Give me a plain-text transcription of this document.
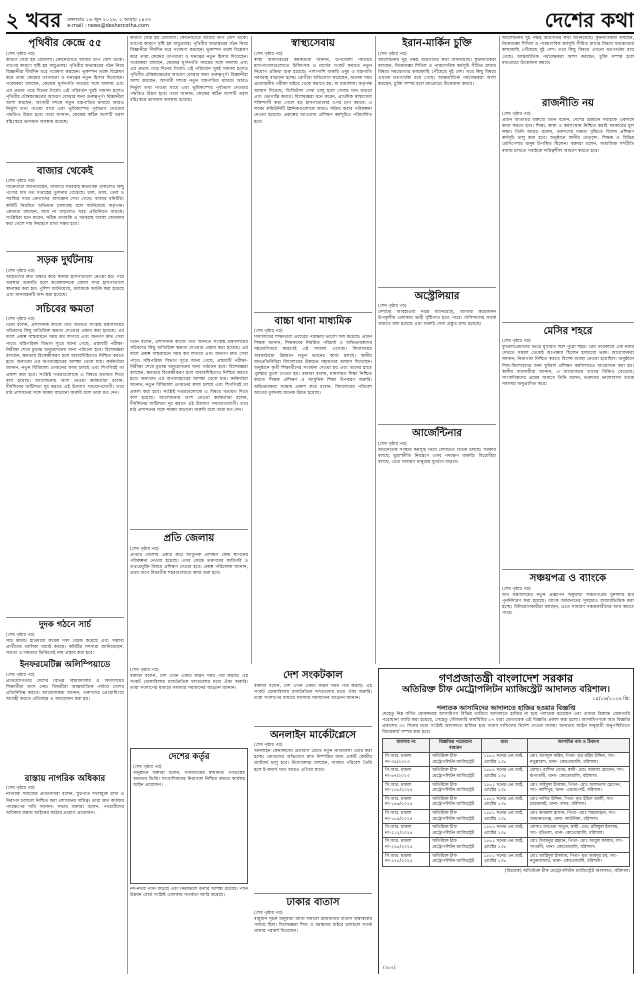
২ খবর মঙ্গলবার ১৬ জুন ২০২৬, ২ আষাঢ় ১৪৩৩
e-mail : news@deshercotha.com	দেশের কথা
পৃথিবীর কেন্দ্রে ৫৫
(শেষ পৃষ্ঠার পর)

কারণে সেটা হয় রোদেলা। কোনোটাতে আবার তাপ বেশি থাকে। তাপের কারণে সৃষ্টি হয় বায়ুপ্রবাহ। পৃথিবীর অভ্যন্তরের গঠন নিয়ে বিজ্ঞানীরা দীর্ঘদিন ধরে গবেষণা করছেন। ভূকম্পন তরঙ্গ বিশ্লেষণ করে তারা কেন্দ্রের তাপমাত্রা ও ঘনত্বের নতুন হিসাব দিয়েছেন। গবেষকরা বলছেন, কেন্দ্রের ঘূর্ণনগতি সময়ের সঙ্গে বদলায় এবং এর প্রভাব পড়ে দিনের দৈর্ঘ্যে। এই পরিবর্তন খুবই সামান্য হলেও পৃথিবীর চৌম্বকক্ষেত্রের আচরণ বোঝার জন্য গুরুত্বপূর্ণ। বিজ্ঞানীরা আশা করছেন, আগামী দশকে নতুন যন্ত্রপাতির মাধ্যমে আরও নির্ভুল তথ্য পাওয়া যাবে এবং ভূমিকম্পের পূর্বাভাস দেওয়ার পদ্ধতিও উন্নত হবে। তারা জানান, কেন্দ্রের কঠিন অংশটি তরল বহিঃস্তরে ভাসমান অবস্থায় রয়েছে।

বাজার থেকেই
(শেষ পৃষ্ঠার পর)

বিক্রেতারা জানিয়েছেন, বাজারে সরবরাহ স্বাভাবিক থাকলেও কিছু পণ্যের দাম গত সপ্তাহের তুলনায় বেড়েছে। চাল, ডাল, তেল ও সবজির দামে ক্রেতাদের অসন্তোষ দেখা গেছে। বাজার মনিটরিং কমিটি নিয়মিত অভিযান চালাচ্ছে বলে জানিয়েছে কর্তৃপক্ষ। ক্রেতারা বলছেন, আয় না বাড়লেও খরচ প্রতিনিয়ত বাড়ছে। সংশ্লিষ্টরা মনে করেন, সঠিক তদারকি ও সরবরাহ ব্যবস্থা জোরদার করা গেলে দাম নিয়ন্ত্রণে রাখা সম্ভব হবে।

সড়ক দুর্ঘটনায়
(শেষ পৃষ্ঠার পর)

আহতদের দ্রুত উদ্ধার করে স্থানীয় হাসপাতালে নেওয়া হয়। পরে অবস্থার অবনতি হলে কয়েকজনকে জেলা সদর হাসপাতালে স্থানান্তর করা হয়। পুলিশ জানিয়েছে, চালককে আটক করা হয়েছে এবং যানবাহনটি জব্দ করা হয়েছে।

সচিবের ক্ষমতা
(শেষ পৃষ্ঠার পর)

তিনি বলেন, প্রশাসনিক কাজে গতি আনতে সংশ্লিষ্ট মন্ত্রণালয়ের সচিবদের কিছু অতিরিক্ত ক্ষমতা দেওয়ার প্রস্তাব করা হয়েছে। এর ফলে প্রকল্প বাস্তবায়নে সময় কম লাগবে এবং জনগণ দ্রুত সেবা পাবে। মন্ত্রিপরিষদ বিভাগ সূত্রে জানা গেছে, প্রস্তাবটি পরীক্ষা-নিরীক্ষা শেষে চূড়ান্ত অনুমোদনের জন্য পাঠানো হবে। বিশেষজ্ঞরা বলছেন, ক্ষমতার বিকেন্দ্রীকরণ হলে জবাবদিহিতাও নিশ্চিত করতে হবে। অন্যথায় এর অপব্যবহারের আশঙ্কা থেকে যায়। কর্মকর্তারা জানান, নতুন বিধিমালা প্রণয়নের কাজ চলছে এবং শিগগিরই তা প্রকাশ করা হবে। সংশ্লিষ্ট দপ্তরগুলোকে এ বিষয়ে মতামত দিতে বলা হয়েছে। আলোচনায় অংশ নেওয়া কর্মকর্তারা বলেন, দীর্ঘদিনের জটিলতা দূর করতে এই উদ্যোগ সময়োপযোগী। তবে মাঠ প্রশাসনের সঙ্গে সমন্বয় বাড়ানো জরুরি বলে তারা মত দেন।

দুদক গঠনে সার্চ
(শেষ পৃষ্ঠার পর)

সার্চ কমিটি ইতিমধ্যে কয়েক দফা বৈঠক করেছে এবং সম্ভাব্য প্রার্থীদের তালিকা যাচাই করছে। কমিটির সদস্যরা জানিয়েছেন, সততা ও দক্ষতার ভিত্তিতেই নাম প্রস্তাব করা হবে।

ইনফরমেটিক্স অলিম্পিয়াডে
(শেষ পৃষ্ঠার পর)

প্রতিযোগিতায় দেশের বিভিন্ন বিশ্ববিদ্যালয় ও বিদ্যালয়ের শিক্ষার্থীরা অংশ নেয়। বিজয়ীরা আন্তর্জাতিক পর্যায়ে দেশের প্রতিনিধিত্ব করবে। আয়োজকরা জানান, তরুণদের প্রোগ্রামিংয়ে আগ্রহী করতে প্রতিবছর এ আয়োজন করা হয়।

রাস্তায় নাগরিক অধিকার
(শেষ পৃষ্ঠার পর)

নাগরিক সমাজের প্রতিনিধিরা বলেন, ফুটপাত দখলমুক্ত রাখা ও নিরাপদ চলাচল নিশ্চিত করা প্রশাসনের দায়িত্ব। তারা দ্রুত কার্যকর পদক্ষেপের দাবি জানান। সভায় বক্তারা বলেন, পথচারীদের অধিকার রক্ষায় আইনের কঠোর প্রয়োগ প্রয়োজন।

কারণে সেটা হয় রোদেলা। কোনোটাতে আবার তাপ বেশি থাকে। তাপের কারণে সৃষ্টি হয় বায়ুপ্রবাহ। পৃথিবীর অভ্যন্তরের গঠন নিয়ে বিজ্ঞানীরা দীর্ঘদিন ধরে গবেষণা করছেন। ভূকম্পন তরঙ্গ বিশ্লেষণ করে তারা কেন্দ্রের তাপমাত্রা ও ঘনত্বের নতুন হিসাব দিয়েছেন। গবেষকরা বলছেন, কেন্দ্রের ঘূর্ণনগতি সময়ের সঙ্গে বদলায় এবং এর প্রভাব পড়ে দিনের দৈর্ঘ্যে। এই পরিবর্তন খুবই সামান্য হলেও পৃথিবীর চৌম্বকক্ষেত্রের আচরণ বোঝার জন্য গুরুত্বপূর্ণ। বিজ্ঞানীরা আশা করছেন, আগামী দশকে নতুন যন্ত্রপাতির মাধ্যমে আরও নির্ভুল তথ্য পাওয়া যাবে এবং ভূমিকম্পের পূর্বাভাস দেওয়ার পদ্ধতিও উন্নত হবে। তারা জানান, কেন্দ্রের কঠিন অংশটি তরল বহিঃস্তরে ভাসমান অবস্থায় রয়েছে।

তিনি বলেন, প্রশাসনিক কাজে গতি আনতে সংশ্লিষ্ট মন্ত্রণালয়ের সচিবদের কিছু অতিরিক্ত ক্ষমতা দেওয়ার প্রস্তাব করা হয়েছে। এর ফলে প্রকল্প বাস্তবায়নে সময় কম লাগবে এবং জনগণ দ্রুত সেবা পাবে। মন্ত্রিপরিষদ বিভাগ সূত্রে জানা গেছে, প্রস্তাবটি পরীক্ষা-নিরীক্ষা শেষে চূড়ান্ত অনুমোদনের জন্য পাঠানো হবে। বিশেষজ্ঞরা বলছেন, ক্ষমতার বিকেন্দ্রীকরণ হলে জবাবদিহিতাও নিশ্চিত করতে হবে। অন্যথায় এর অপব্যবহারের আশঙ্কা থেকে যায়। কর্মকর্তারা জানান, নতুন বিধিমালা প্রণয়নের কাজ চলছে এবং শিগগিরই তা প্রকাশ করা হবে। সংশ্লিষ্ট দপ্তরগুলোকে এ বিষয়ে মতামত দিতে বলা হয়েছে। আলোচনায় অংশ নেওয়া কর্মকর্তারা বলেন, দীর্ঘদিনের জটিলতা দূর করতে এই উদ্যোগ সময়োপযোগী। তবে মাঠ প্রশাসনের সঙ্গে সমন্বয় বাড়ানো জরুরি বলে তারা মত দেন।

প্রতি জেলায়
(শেষ পৃষ্ঠার পর)

প্রতিটি জেলায় একটি করে আধুনিক প্রশিক্ষণ কেন্দ্র স্থাপনের পরিকল্পনা নেওয়া হয়েছে। এসব কেন্দ্রে তরুণদের কারিগরি ও তথ্যপ্রযুক্তি বিষয়ে প্রশিক্ষণ দেওয়া হবে। প্রকল্প পরিচালক জানান, প্রথম ধাপে বিভাগীয় শহরগুলোতে কাজ শুরু হবে।

স্বাস্থ্যসেবায়
(শেষ পৃষ্ঠার পর)

স্বাস্থ্য অধিদপ্তরের কর্মকর্তারা জানান, উপজেলা পর্যায়ের হাসপাতালগুলোতে চিকিৎসক ও নার্সের সংকট কমাতে নতুন নিয়োগ প্রক্রিয়া শুরু হয়েছে। পাশাপাশি জরুরি ওষুধ ও যন্ত্রপাতি সরবরাহ বাড়ানো হচ্ছে। রোগীরা অভিযোগ করেছেন, অনেক সময় প্রয়োজনীয় পরীক্ষা বাইরে থেকে করাতে হয়, যা ব্যয়বহুল। কর্তৃপক্ষ আশ্বাস দিয়েছে, ডিজিটাল সেবা চালু হলে সেবার মান বাড়বে এবং ভোগান্তি কমবে। বিশেষজ্ঞরা মনে করেন, প্রাথমিক স্বাস্থ্যসেবা শক্তিশালী করা গেলে বড় হাসপাতালের ওপর চাপ কমবে। এ লক্ষ্যে কমিউনিটি ক্লিনিকগুলোকে আরও সক্রিয় করার পরিকল্পনা নেওয়া হয়েছে। প্রকল্পের আওতায় প্রশিক্ষণ কর্মসূচিও পরিচালিত হবে।

বাচ্চা থানা মাধ্যমিক
(শেষ পৃষ্ঠার পর)

বিদ্যালয়ের শিক্ষার্থীরা এবারের পরীক্ষায় ভালো ফল করেছে। প্রধান শিক্ষক জানান, শিক্ষকদের নিয়মিত পরিচর্যা ও অভিভাবকদের সহযোগিতার কারণেই এই সাফল্য এসেছে। বিদ্যালয়ের অবকাঠামো উন্নয়নে নতুন ভবনের কাজ চলছে। স্থানীয় জনপ্রতিনিধিরা বিদ্যালয়ের উন্নয়নে সহায়তার আশ্বাস দিয়েছেন। অনুষ্ঠানে কৃতী শিক্ষার্থীদের সংবর্ধনা দেওয়া হয় এবং তাদের হাতে পুরস্কার তুলে দেওয়া হয়। বক্তারা বলেন, মানসম্মত শিক্ষা নিশ্চিত করতে শিক্ষক প্রশিক্ষণ ও আধুনিক শিক্ষা উপকরণ জরুরি। অভিভাবকরা সন্তোষ প্রকাশ করে বলেন, বিদ্যালয়ের পরিবেশ আগের তুলনায় অনেক উন্নত হয়েছে।

ইরান-মার্কিন চুক্তি
(শেষ পৃষ্ঠার পর)

আলোচনায় দুই পক্ষই অগ্রগতির কথা জানিয়েছে। কূটনীতিকরা বলছেন, নিষেধাজ্ঞা শিথিল ও পারমাণবিক কর্মসূচি সীমিত রাখার বিষয়ে সমঝোতার কাছাকাছি পৌঁছেছে দুই দেশ। তবে কিছু বিষয়ে এখনো মতপার্থক্য রয়ে গেছে। আন্তর্জাতিক পর্যবেক্ষকরা আশা করছেন, চুক্তি সম্পন্ন হলে মধ্যপ্রাচ্যে উত্তেজনা কমবে।

অস্ট্রেলিয়ার
(শেষ পৃষ্ঠার পর)

দেশটির আবহাওয়া দপ্তর জানিয়েছে, আগামী কয়েকদিন উপকূলীয় এলাকায় ভারী বৃষ্টিপাত হতে পারে। বাসিন্দাদের সতর্ক থাকতে বলা হয়েছে এবং জরুরি সেবা প্রস্তুত রাখা হয়েছে।

আর্জেন্টিনার
(শেষ পৃষ্ঠার পর)

অর্থনৈতিক সংস্কার কর্মসূচি নিয়ে দেশটিতে বিতর্ক চলছে। সরকার বলছে, মুদ্রাস্ফীতি নিয়ন্ত্রণে এসব পদক্ষেপ জরুরি। বিরোধীরা বলছে, এতে সাধারণ মানুষের দুর্ভোগ বাড়বে।

আলোচনায় দুই পক্ষই অগ্রগতির কথা জানিয়েছে। কূটনীতিকরা বলছেন, নিষেধাজ্ঞা শিথিল ও পারমাণবিক কর্মসূচি সীমিত রাখার বিষয়ে সমঝোতার কাছাকাছি পৌঁছেছে দুই দেশ। তবে কিছু বিষয়ে এখনো মতপার্থক্য রয়ে গেছে। আন্তর্জাতিক পর্যবেক্ষকরা আশা করছেন, চুক্তি সম্পন্ন হলে মধ্যপ্রাচ্যে উত্তেজনা কমবে।

রাজনীতি নয়
(শেষ পৃষ্ঠার পর)

প্রধান অতিথির বক্তব্যে তিনি বলেন, দেশের উন্নয়নে সবাইকে একসঙ্গে কাজ করতে হবে। শিক্ষা, স্বাস্থ্য ও কর্মসংস্থান নিশ্চিত করাই সরকারের মূল লক্ষ্য। তিনি আরও বলেন, তরুণদের দক্ষতা বৃদ্ধিতে বিশেষ প্রশিক্ষণ কর্মসূচি চালু করা হবে। অনুষ্ঠানে স্থানীয় নেতৃবৃন্দ, শিক্ষক ও বিভিন্ন শ্রেণিপেশার মানুষ উপস্থিত ছিলেন। বক্তারা বলেন, সামাজিক সম্প্রীতি বজায় রাখতে সবাইকে দায়িত্বশীল আচরণ করতে হবে।

মেসির শহরে
(শেষ পৃষ্ঠার পর)

ফুটবলপ্রেমীদের ভিড়ে মুখরিত ছিল পুরো শহর। প্রিয় তারকাকে এক নজর দেখতে সকাল থেকেই অপেক্ষায় ছিলেন হাজারো ভক্ত। আয়োজকরা জানান, নিরাপত্তা নিশ্চিত করতে বিশেষ ব্যবস্থা নেওয়া হয়েছিল। অনুষ্ঠানে শিশু-কিশোরদের জন্য ফুটবল প্রশিক্ষণ কর্মশালারও আয়োজন করা হয়। স্থানীয় ব্যবসায়ীরা জানান, এ আয়োজনে তাদের বিক্রিও বেড়েছে। সাংবাদিকদের প্রশ্নের জবাবে তিনি বলেন, ভক্তদের ভালোবাসা তাকে সবসময় অনুপ্রাণিত করে।

সঞ্চয়পত্র ও ব্যাংকে
(শেষ পৃষ্ঠার পর)

অর্থ মন্ত্রণালয়ের নতুন প্রজ্ঞাপন অনুযায়ী সঞ্চয়পত্রের মুনাফার হার পুনর্নির্ধারণ করা হয়েছে। ব্যাংক আমানতের সুদহারও বাজারভিত্তিক করা হচ্ছে। বিনিয়োগকারীরা বলছেন, এতে সাধারণ সঞ্চয়কারীদের আয় কমতে পারে।

(শেষ পৃষ্ঠার পর)

বক্তারা বলেন, দেশ এখন একটি কঠিন সময় পার করছে। এই সংকট মোকাবিলায় রাজনৈতিক দলগুলোর মধ্যে ঐক্য জরুরি। তারা সংলাপের মাধ্যমে সমস্যার সমাধানের আহ্বান জানান।

দেশের কর্তৃর
(শেষ পৃষ্ঠার পর)

অনুষ্ঠানে বক্তারা বলেন, গণমাধ্যমের স্বাধীনতা গণতন্ত্রের অন্যতম ভিত্তি। সাংবাদিকদের নিরাপত্তা নিশ্চিত করতে কার্যকর আইন প্রয়োজন।

নদ-নদীর পানি বাড়ছে এবং নিম্নাঞ্চলে বন্যার আশঙ্কা রয়েছে। পানি উন্নয়ন বোর্ড সংশ্লিষ্ট এলাকায় সতর্কতা জারি করেছে।

দেশ সংকটকাল

বক্তারা বলেন, দেশ এখন একটি কঠিন সময় পার করছে। এই সংকট মোকাবিলায় রাজনৈতিক দলগুলোর মধ্যে ঐক্য জরুরি। তারা সংলাপের মাধ্যমে সমস্যার সমাধানের আহ্বান জানান।

অনলাইন মার্কেটপ্লেসে
(শেষ পৃষ্ঠার পর)

অনলাইন কেনাকাটায় প্রতারণা রোধে নতুন নীতিমালা তৈরি করা হচ্ছে। ক্রেতাদের অভিযোগ দ্রুত নিষ্পত্তির জন্য একটি কেন্দ্রীয় প্ল্যাটফর্ম চালু হবে। উদ্যোক্তারা বলছেন, আস্থার পরিবেশ তৈরি হলে ই-কমার্স খাত আরও এগিয়ে যাবে।

ঢাকার বাতাস
(শেষ পৃষ্ঠার পর)

বায়ুমান সূচক অনুযায়ী আজ সকালে রাজধানীর বাতাস অস্বাস্থ্যকর পর্যায়ে ছিল। বিশেষজ্ঞরা শিশু ও বয়স্কদের বাইরে চলাচলে সতর্ক থাকার পরামর্শ দিয়েছেন।

গণপ্রজাতন্ত্রী বাংলাদেশ সরকার
অতিরিক্ত চীফ মেট্রোপলিটন ম্যাজিস্ট্রেট আদালত বরিশাল।
১৫/০৬/২০২৬ খ্রি:
পলাতক আসামিদের আদালতে হাজির হওয়ার বিজ্ঞপ্তি
যেহেতু নিম্ন বর্ণিত মোকদ্দমার আসামিগণ বিভিন্ন তারিখে আদালতে হাজির না হয়ে পলাতক রয়েছেন এবং তাদের বিরুদ্ধে গ্রেফতারি পরোয়ানা জারি করা হয়েছে, সেহেতু ফৌজদারি কার্যবিধির ৮৭ ধারা মোতাবেক এই বিজ্ঞপ্তি প্রকাশ করা হলো। আসামিগণকে অত্র বিজ্ঞপ্তি প্রকাশের ৩০ দিনের মধ্যে সংশ্লিষ্ট আদালতে হাজির হয়ে জবাব দাখিলের নির্দেশ দেওয়া যাচ্ছে। অন্যথায় আইন অনুযায়ী অনুপস্থিতিতে বিচারকার্য সম্পন্ন করা হবে।
মামলার নং	বিজ্ঞপ্তির পরোয়ানা বাধারণ	ধারা	আসামির নাম ও ঠিকানা
সি.আর. মামলা নং-৩৪/২০২৩	অতিরিক্ত চীফ মেট্রোপলিটন ম্যাজিস্ট্রেট	১৮৮১ সনের এন.আই. এ্যাক্টের ১৩৮	মোঃ আবদুল করিম, পিতা- মৃত রহিম উদ্দিন, সাং- নথুল্লাবাদ, থানা- কোতোয়ালি, বরিশাল।
সি.আর. মামলা নং-৬৭/২০২৩	অতিরিক্ত চীফ মেট্রোপলিটন ম্যাজিস্ট্রেট	১৮৮১ সনের এন.আই. এ্যাক্টের ১৩৮	মোছাঃ রাশিদা বেগম, স্বামী- মোঃ জামাল হোসেন, সাং- রূপাতলী, থানা- কোতোয়ালি, বরিশাল।
সি.আর. মামলা নং-১০৮/২০২৪	অতিরিক্ত চীফ মেট্রোপলিটন ম্যাজিস্ট্রেট	১৮৮১ সনের এন.আই. এ্যাক্টের ১৩৮	মোঃ সাইফুল ইসলাম, পিতা- মোঃ আলতাফ হোসেন, সাং- কাশিপুর, থানা- এয়ারপোর্ট, বরিশাল।
সি.আর. মামলা নং-১৪৬/২০২৪	অতিরিক্ত চীফ মেট্রোপলিটন ম্যাজিস্ট্রেট	১৮৮১ সনের এন.আই. এ্যাক্টের ১৩৮	মোঃ নাসির উদ্দিন, পিতা- মৃত ইদ্রিস আলী, সাং- চরমোনাই, থানা- বন্দর, বরিশাল।
সি.আর. মামলা নং-১৮৯/২০২৪	অতিরিক্ত চীফ মেট্রোপলিটন ম্যাজিস্ট্রেট	১৮৮১ সনের এন.আই. এ্যাক্টের ১৩৮	মোঃ কামরুল হাসান, পিতা- মোঃ শাহজাহান, সাং- আমানতগঞ্জ, থানা- কাউনিয়া, বরিশাল।
সি.আর. মামলা নং-২১২/২০২৪	অতিরিক্ত চীফ মেট্রোপলিটন ম্যাজিস্ট্রেট	১৮৮১ সনের এন.আই. এ্যাক্টের ১৩৮	মোসাঃ ফাতেমা খাতুন, স্বামী- মোঃ রফিকুল ইসলাম, সাং- বটতলা, থানা- কোতোয়ালি, বরিশাল।
সি.আর. মামলা নং-২৪৫/২০২৪	অতিরিক্ত চীফ মেট্রোপলিটন ম্যাজিস্ট্রেট	১৮৮১ সনের এন.আই. এ্যাক্টের ১৩৮	মোঃ মিজানুর রহমান, পিতা- মোঃ আবুল কালাম, সাং- সাগরদী, থানা- কোতোয়ালি, বরিশাল।
সি.আর. মামলা নং-২৭৮/২০২৫	অতিরিক্ত চীফ মেট্রোপলিটন ম্যাজিস্ট্রেট	১৮৮১ সনের এন.আই. এ্যাক্টের ১৩৮	মোঃ জাহিদুল ইসলাম, পিতা- মৃত আবদুর রব, সাং- নতুনবাজার, থানা- কোতোয়ালি, বরিশাল।
(বিচারক) অতিরিক্ত চীফ মেট্রোপলিটন ম্যাজিস্ট্রেট আদালত, বরিশাল।
(৩৮৪)
